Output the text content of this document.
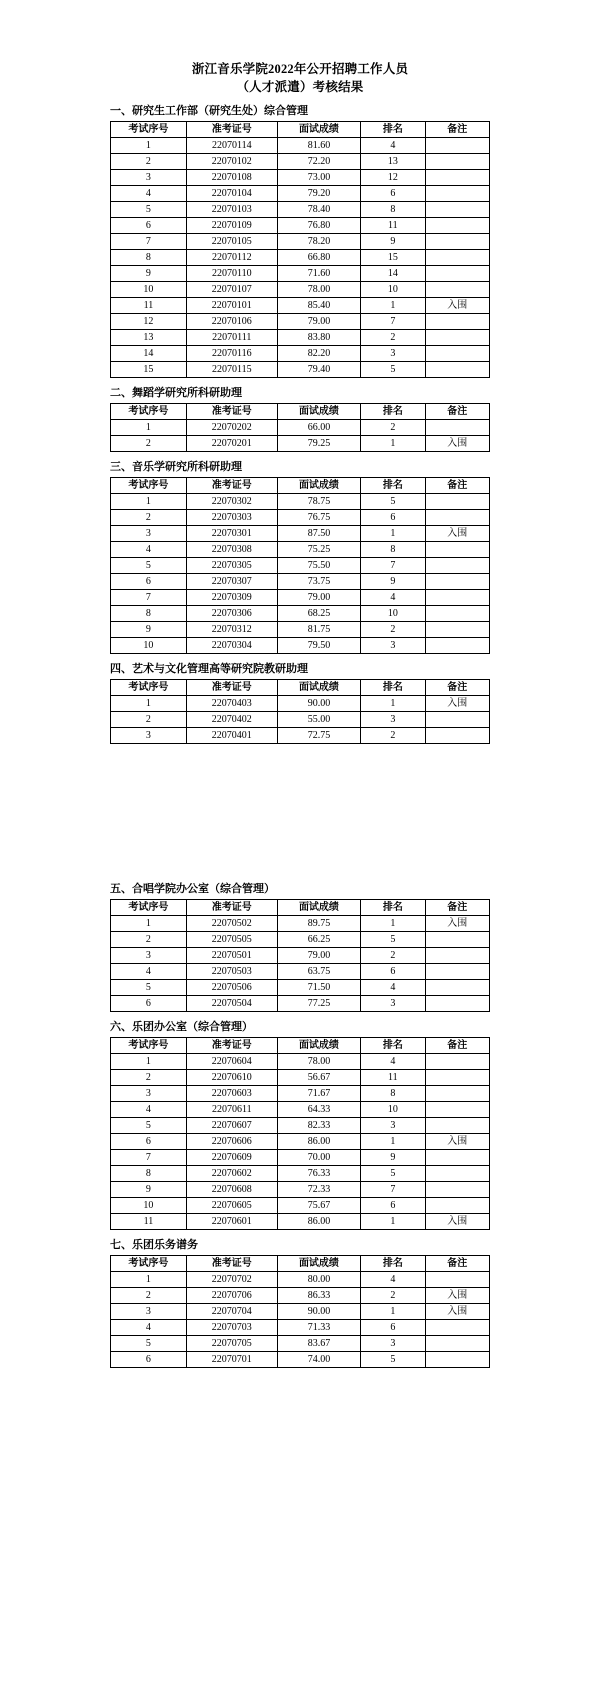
浙江音乐学院2022年公开招聘工作人员
（人才派遣）考核结果
一、研究生工作部（研究生处）综合管理
考试序号	准考证号	面试成绩	排名	备注
1	22070114	81.60	4	
2	22070102	72.20	13	
3	22070108	73.00	12	
4	22070104	79.20	6	
5	22070103	78.40	8	
6	22070109	76.80	11	
7	22070105	78.20	9	
8	22070112	66.80	15	
9	22070110	71.60	14	
10	22070107	78.00	10	
11	22070101	85.40	1	入围
12	22070106	79.00	7	
13	22070111	83.80	2	
14	22070116	82.20	3	
15	22070115	79.40	5	
二、舞蹈学研究所科研助理
考试序号	准考证号	面试成绩	排名	备注
1	22070202	66.00	2	
2	22070201	79.25	1	入围
三、音乐学研究所科研助理
考试序号	准考证号	面试成绩	排名	备注
1	22070302	78.75	5	
2	22070303	76.75	6	
3	22070301	87.50	1	入围
4	22070308	75.25	8	
5	22070305	75.50	7	
6	22070307	73.75	9	
7	22070309	79.00	4	
8	22070306	68.25	10	
9	22070312	81.75	2	
10	22070304	79.50	3	
四、艺术与文化管理高等研究院教研助理
考试序号	准考证号	面试成绩	排名	备注
1	22070403	90.00	1	入围
2	22070402	55.00	3	
3	22070401	72.75	2	
五、合唱学院办公室（综合管理）
考试序号	准考证号	面试成绩	排名	备注
1	22070502	89.75	1	入围
2	22070505	66.25	5	
3	22070501	79.00	2	
4	22070503	63.75	6	
5	22070506	71.50	4	
6	22070504	77.25	3	
六、乐团办公室（综合管理）
考试序号	准考证号	面试成绩	排名	备注
1	22070604	78.00	4	
2	22070610	56.67	11	
3	22070603	71.67	8	
4	22070611	64.33	10	
5	22070607	82.33	3	
6	22070606	86.00	1	入围
7	22070609	70.00	9	
8	22070602	76.33	5	
9	22070608	72.33	7	
10	22070605	75.67	6	
11	22070601	86.00	1	入围
七、乐团乐务谱务
考试序号	准考证号	面试成绩	排名	备注
1	22070702	80.00	4	
2	22070706	86.33	2	入围
3	22070704	90.00	1	入围
4	22070703	71.33	6	
5	22070705	83.67	3	
6	22070701	74.00	5	
